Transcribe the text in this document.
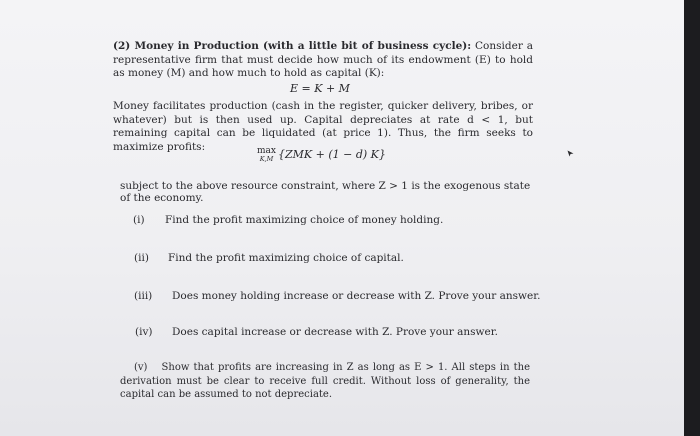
(2) Money in Production (with a little bit of business cycle): Consider a representative firm that must decide how much of its endowment (E) to hold as money (M) and how much to hold as capital (K):
E = K + M
Money facilitates production (cash in the register, quicker delivery, bribes, or whatever) but is then used up. Capital depreciates at rate d < 1, but remaining capital can be liquidated (at price 1). Thus, the firm seeks to maximize profits:	max
K,M {ZMK + (1 − d) K}
subject to the above resource constraint, where Z > 1 is the exogenous state of the economy.
(i) Find the profit maximizing choice of money holding.
(ii) Find the profit maximizing choice of capital.
(iii) Does money holding increase or decrease with Z. Prove your answer.
(iv) Does capital increase or decrease with Z. Prove your answer.
(v) Show that profits are increasing in Z as long as E > 1. All steps in the derivation must be clear to receive full credit. Without loss of generality, the capital can be assumed to not depreciate.
